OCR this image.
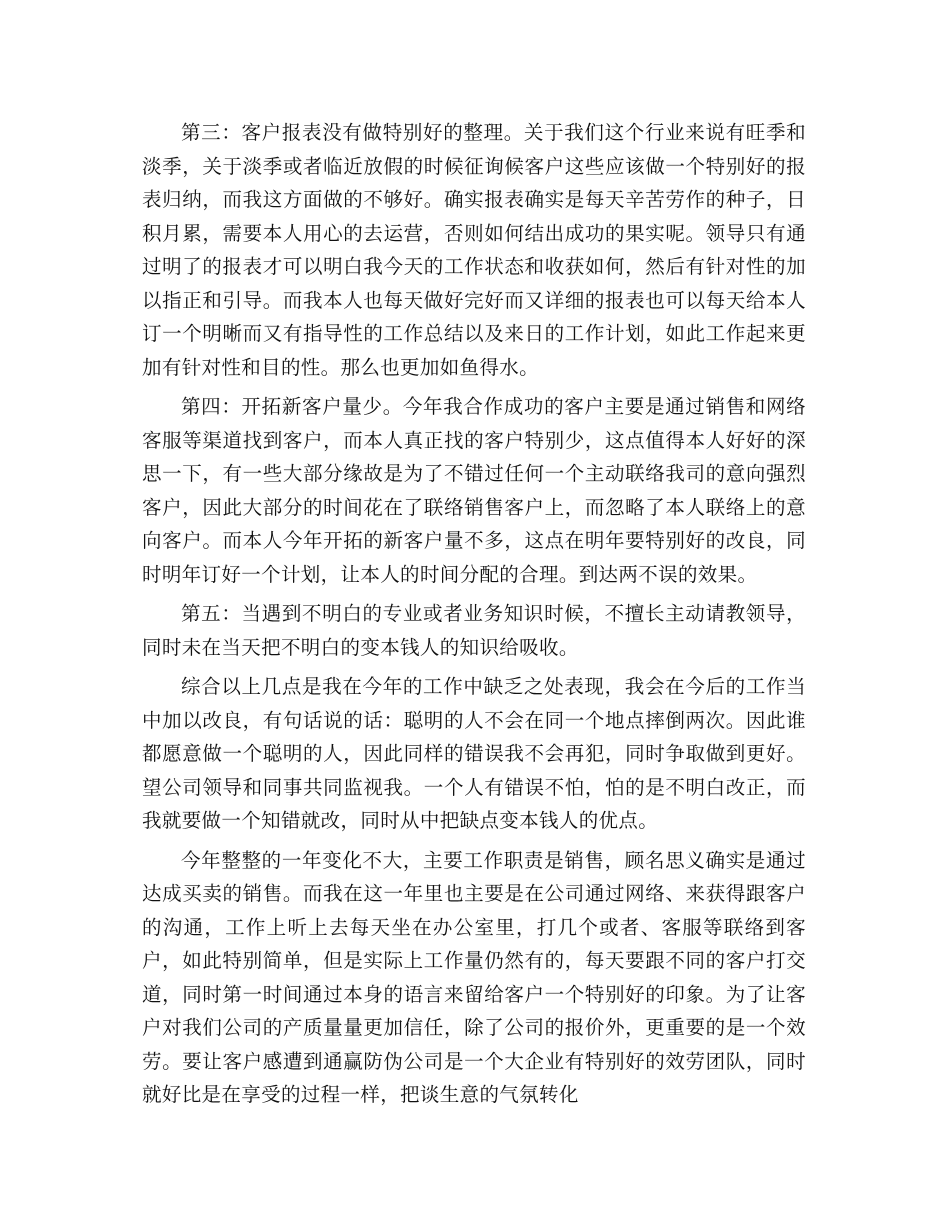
第三：客户报表没有做特别好的整理。关于我们这个行业来说有旺季和淡季，关于淡季或者临近放假的时候征询候客户这些应该做一个特别好的报表归纳，而我这方面做的不够好。确实报表确实是每天辛苦劳作的种子，日积月累，需要本人用心的去运营，否则如何结出成功的果实呢。领导只有通过明了的报表才可以明白我今天的工作状态和收获如何，然后有针对性的加以指正和引导。而我本人也每天做好完好而又详细的报表也可以每天给本人订一个明晰而又有指导性的工作总结以及来日的工作计划，如此工作起来更加有针对性和目的性。那么也更加如鱼得水。

第四：开拓新客户量少。今年我合作成功的客户主要是通过销售和网络客服等渠道找到客户，而本人真正找的客户特别少，这点值得本人好好的深思一下，有一些大部分缘故是为了不错过任何一个主动联络我司的意向强烈客户，因此大部分的时间花在了联络销售客户上，而忽略了本人联络上的意向客户。而本人今年开拓的新客户量不多，这点在明年要特别好的改良，同时明年订好一个计划，让本人的时间分配的合理。到达两不误的效果。

第五：当遇到不明白的专业或者业务知识时候，不擅长主动请教领导，同时未在当天把不明白的变本钱人的知识给吸收。

综合以上几点是我在今年的工作中缺乏之处表现，我会在今后的工作当中加以改良，有句话说的话：聪明的人不会在同一个地点摔倒两次。因此谁都愿意做一个聪明的人，因此同样的错误我不会再犯，同时争取做到更好。望公司领导和同事共同监视我。一个人有错误不怕，怕的是不明白改正，而我就要做一个知错就改，同时从中把缺点变本钱人的优点。

今年整整的一年变化不大，主要工作职责是销售，顾名思义确实是通过达成买卖的销售。而我在这一年里也主要是在公司通过网络、来获得跟客户的沟通，工作上听上去每天坐在办公室里，打几个或者、客服等联络到客户，如此特别简单，但是实际上工作量仍然有的，每天要跟不同的客户打交道，同时第一时间通过本身的语言来留给客户一个特别好的印象。为了让客户对我们公司的产质量量更加信任，除了公司的报价外，更重要的是一个效劳。要让客户感遭到通赢防伪公司是一个大企业有特别好的效劳团队，同时就好比是在享受的过程一样，把谈生意的气氛转化
